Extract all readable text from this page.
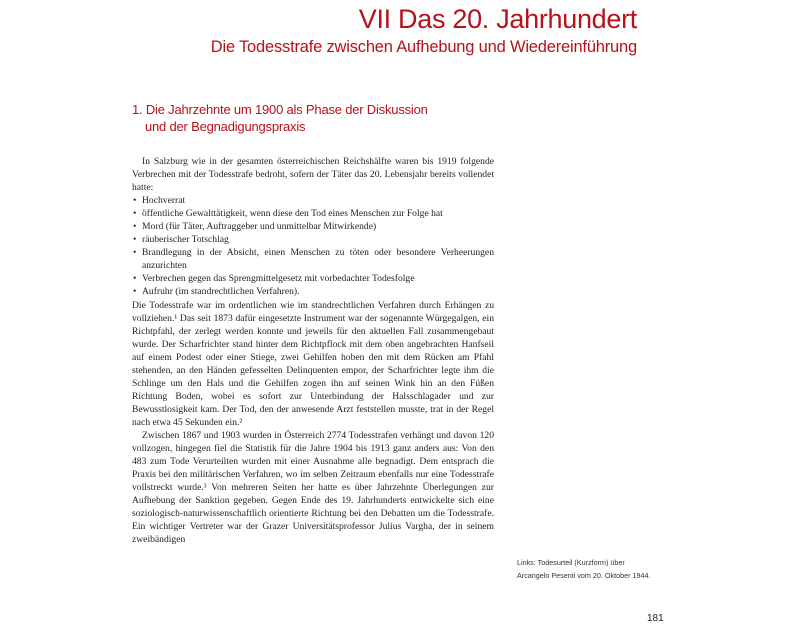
VII Das 20. Jahrhundert
Die Todesstrafe zwischen Aufhebung und Wiedereinführung
1. Die Jahrzehnte um 1900 als Phase der Diskussion
und der Begnadigungspraxis

In Salzburg wie in der gesamten österreichischen Reichshälfte waren bis 1919 folgende Verbrechen mit der Todesstrafe bedroht, sofern der Täter das 20. Lebensjahr bereits vollendet hatte:

• Hochverrat
• öffentliche Gewalttätigkeit, wenn diese den Tod eines Menschen zur Folge hat
• Mord (für Täter, Auftraggeber und unmittelbar Mitwirkende)
• räuberischer Totschlag
• Brandlegung in der Absicht, einen Menschen zu töten oder besondere Verheerungen anzurichten
• Verbrechen gegen das Sprengmittelgesetz mit vorbedachter Todesfolge
• Aufruhr (im standrechtlichen Verfahren).

Die Todesstrafe war im ordentlichen wie im standrechtlichen Verfahren durch Erhängen zu vollziehen.¹ Das seit 1873 dafür eingesetzte Instrument war der sogenannte Würgegalgen, ein Richtpfahl, der zerlegt werden konnte und jeweils für den aktuellen Fall zusammengebaut wurde. Der Scharfrichter stand hinter dem Richtpflock mit dem oben angebrachten Hanfseil auf einem Podest oder einer Stiege, zwei Gehilfen hoben den mit dem Rücken am Pfahl stehenden, an den Händen gefesselten Delinquenten empor, der Scharfrichter legte ihm die Schlinge um den Hals und die Gehilfen zogen ihn auf seinen Wink hin an den Füßen Richtung Boden, wobei es sofort zur Unterbindung der Halsschlagader und zur Bewusstlosigkeit kam. Der Tod, den der anwesende Arzt feststellen musste, trat in der Regel nach etwa 45 Sekunden ein.²

Zwischen 1867 und 1903 wurden in Österreich 2774 Todesstrafen verhängt und davon 120 vollzogen, hingegen fiel die Statistik für die Jahre 1904 bis 1913 ganz anders aus: Von den 483 zum Tode Verurteilten wurden mit einer Ausnahme alle begnadigt. Dem entsprach die Praxis bei den militärischen Verfahren, wo im selben Zeitraum ebenfalls nur eine Todesstrafe vollstreckt wurde.³ Von mehreren Seiten her hatte es über Jahrzehnte Überlegungen zur Aufhebung der Sanktion gegeben. Gegen Ende des 19. Jahrhunderts entwickelte sich eine soziologisch-naturwissenschaftlich orientierte Richtung bei den Debatten um die Todesstrafe. Ein wichtiger Vertreter war der Grazer Universitätsprofessor Julius Vargha, der in seinem zweibändigen

Links: Todesurteil (Kurzform) über
Arcangelo Pesenti vom 20. Oktober 1944.
181
